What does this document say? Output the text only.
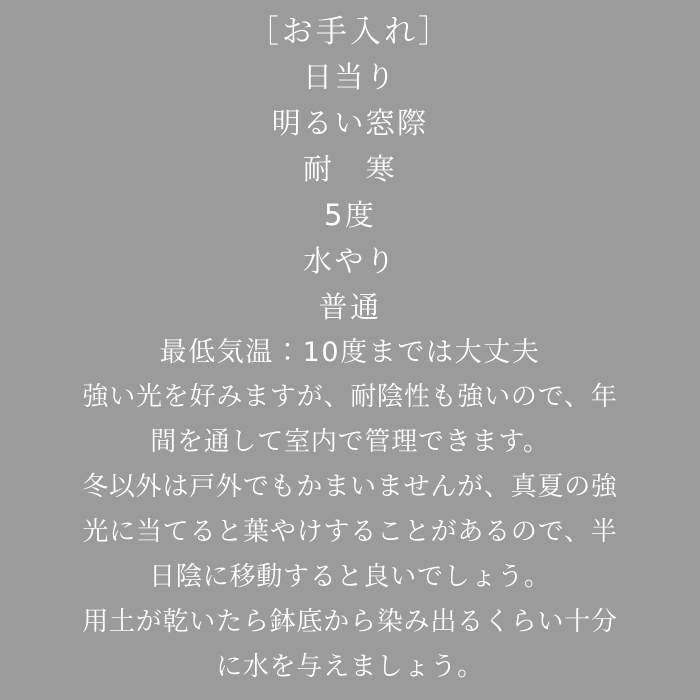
［お手入れ］
日当り
明るい窓際
耐　寒
5度
水やり
普通
最低気温：10度までは大丈夫
強い光を好みますが、耐陰性も強いので、年
間を通して室内で管理できます。
冬以外は戸外でもかまいませんが、真夏の強
光に当てると葉やけすることがあるので、半
日陰に移動すると良いでしょう。
用土が乾いたら鉢底から染み出るくらい十分
に水を与えましょう。
